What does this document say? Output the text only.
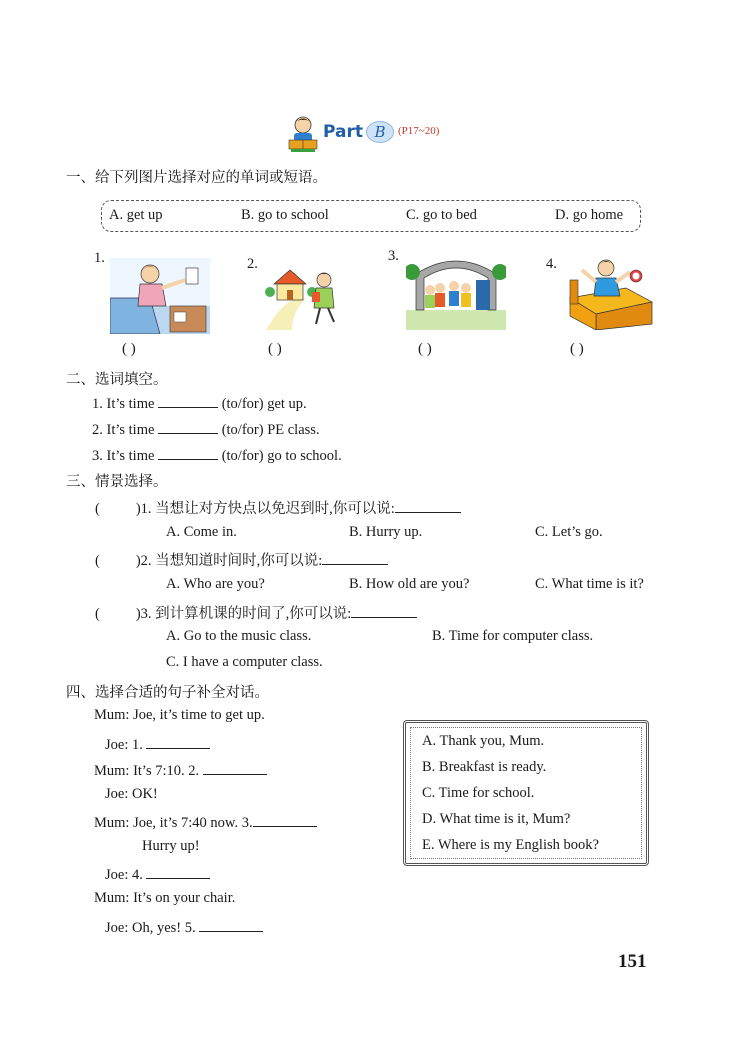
Part B	(P17~20)
一、给下列图片选择对应的单词或短语。
A. get up	B. go to school	C. go to bed	D. go home
1.	2.	3.	4.
( )	( )	( )	( )
二、选词填空。
1. It’s time	(to/for) get up.
2. It’s time	(to/for) PE class.
3. It’s time	(to/for) go to school.
三、情景选择。
( )1. 当想让对方快点以免迟到时,你可以说:
A. Come in.	B. Hurry up.	C. Let’s go.
( )2. 当想知道时间时,你可以说:
A. Who are you?	B. How old are you?	C. What time is it?
( )3. 到计算机课的时间了,你可以说:
A. Go to the music class.	B. Time for computer class.
C. I have a computer class.
四、选择合适的句子补全对话。
Mum: Joe, it’s time to get up.
Joe: 1.
Mum: It’s 7:10. 2.
Joe: OK!
Mum: Joe, it’s 7:40 now. 3.
Hurry up!
Joe: 4.
Mum: It’s on your chair.
Joe: Oh, yes! 5.
A. Thank you, Mum.
B. Breakfast is ready.
C. Time for school.
D. What time is it, Mum?
E. Where is my English book?
151
